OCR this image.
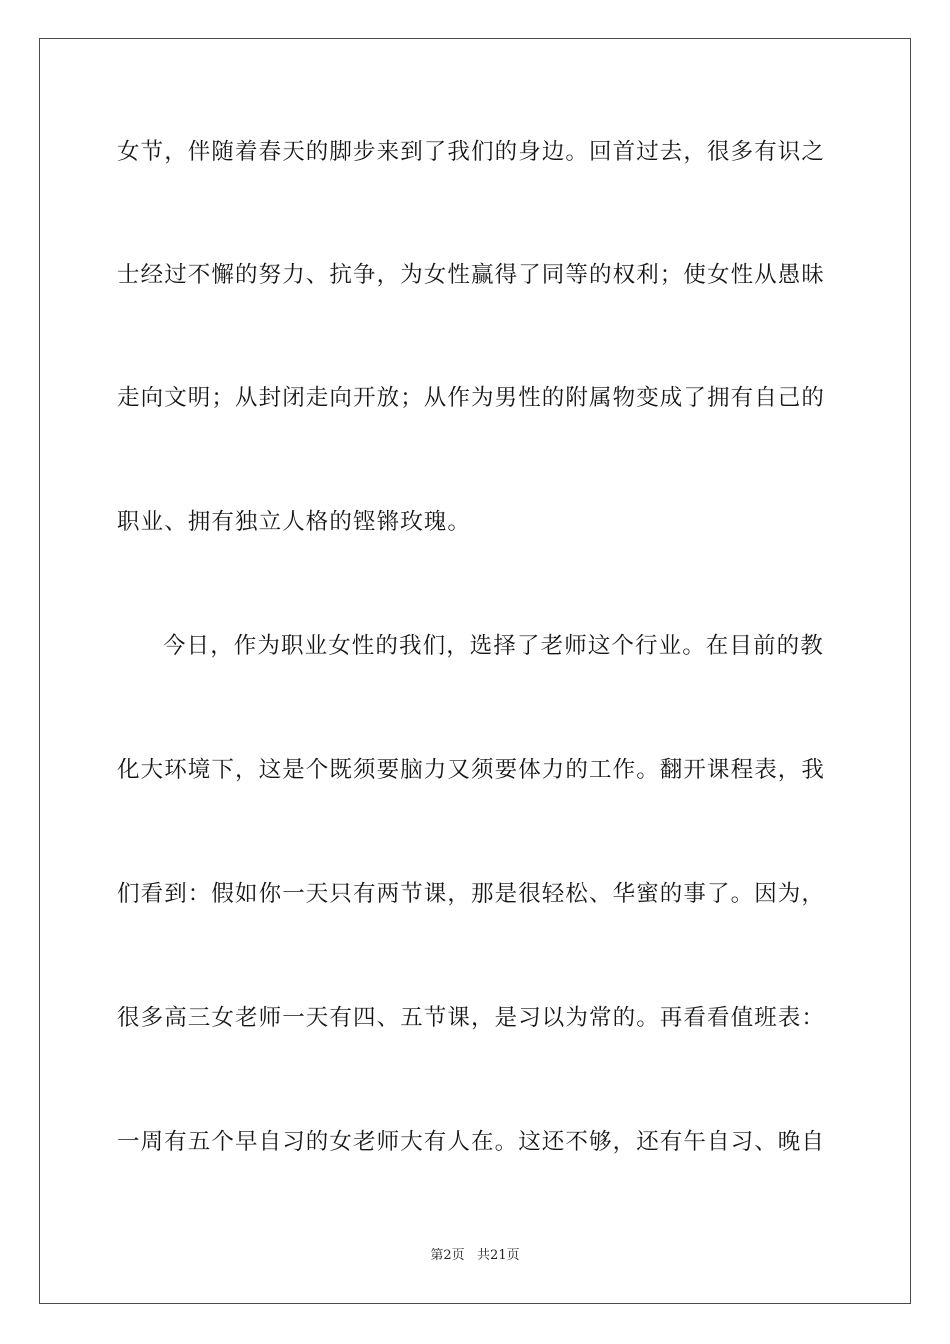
女节，伴随着春天的脚步来到了我们的身边。回首过去，很多有识之
士经过不懈的努力、抗争，为女性赢得了同等的权利；使女性从愚昧
走向文明；从封闭走向开放；从作为男性的附属物变成了拥有自己的
职业、拥有独立人格的铿锵玫瑰。
今日，作为职业女性的我们，选择了老师这个行业。在目前的教
化大环境下，这是个既须要脑力又须要体力的工作。翻开课程表，我
们看到：假如你一天只有两节课，那是很轻松、华蜜的事了。因为，
很多高三女老师一天有四、五节课，是习以为常的。再看看值班表：
一周有五个早自习的女老师大有人在。这还不够，还有午自习、晚自
第2页   共21页
